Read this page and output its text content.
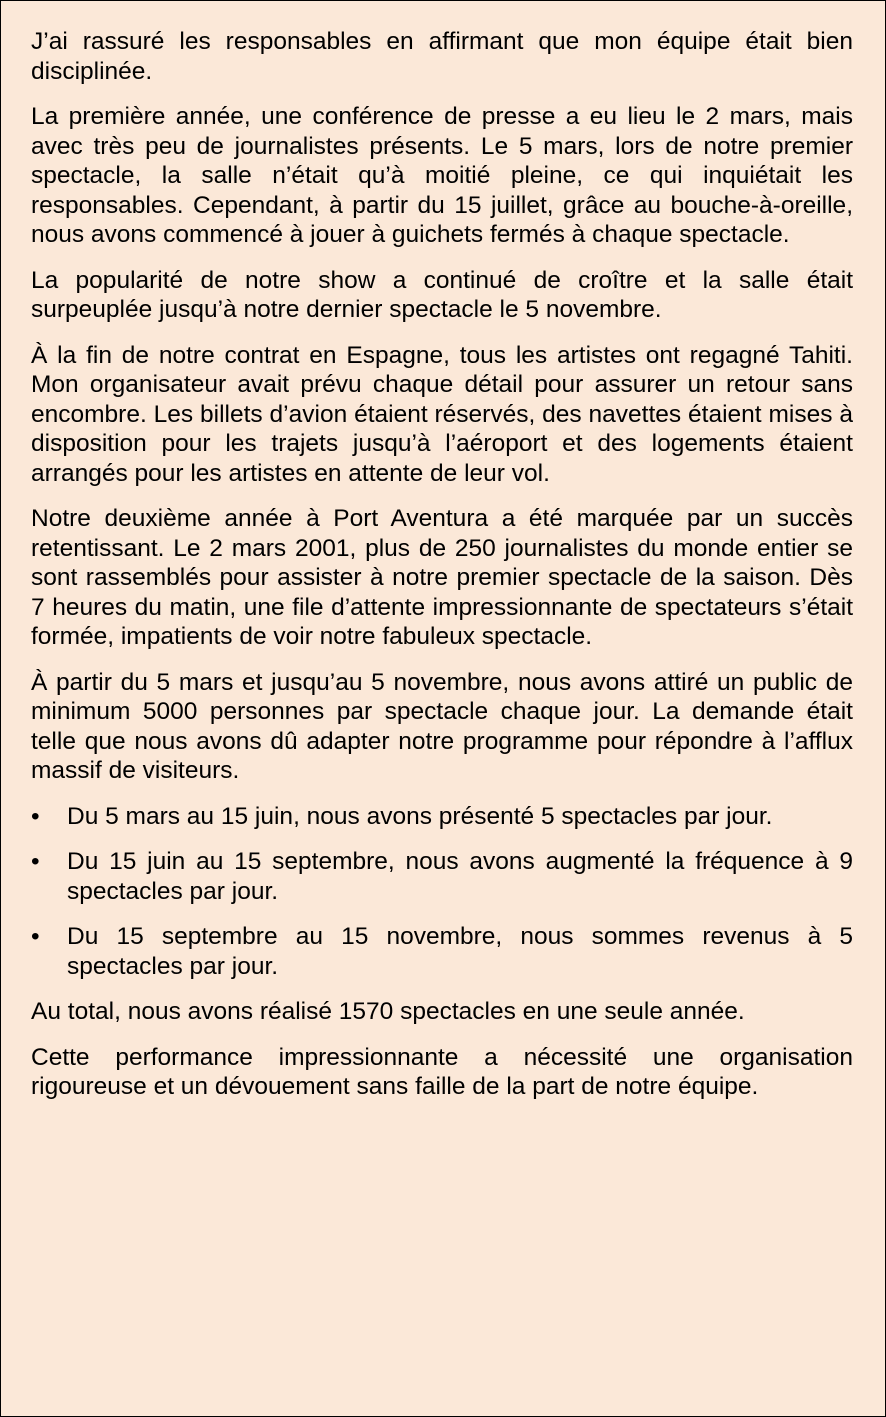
J’ai rassuré les responsables en affirmant que mon équipe était bien disciplinée.

La première année, une conférence de presse a eu lieu le 2 mars, mais avec très peu de journalistes présents. Le 5 mars, lors de notre premier spectacle, la salle n’était qu’à moitié pleine, ce qui inquiétait les responsables. Cependant, à partir du 15 juillet, grâce au bouche-à-oreille, nous avons commencé à jouer à guichets fermés à chaque spectacle.

La popularité de notre show a continué de croître et la salle était surpeuplée jusqu’à notre dernier spectacle le 5 novembre.

À la fin de notre contrat en Espagne, tous les artistes ont regagné Tahiti. Mon organisateur avait prévu chaque détail pour assurer un retour sans encombre. Les billets d’avion étaient réservés, des navettes étaient mises à disposition pour les trajets jusqu’à l’aéroport et des logements étaient arrangés pour les artistes en attente de leur vol.

Notre deuxième année à Port Aventura a été marquée par un succès retentissant. Le 2 mars 2001, plus de 250 journalistes du monde entier se sont rassemblés pour assister à notre premier spectacle de la saison. Dès 7 heures du matin, une file d’attente impressionnante de spectateurs s’était formée, impatients de voir notre fabuleux spectacle.

À partir du 5 mars et jusqu’au 5 novembre, nous avons attiré un public de minimum 5000 personnes par spectacle chaque jour. La demande était telle que nous avons dû adapter notre programme pour répondre à l’afflux massif de visiteurs.

•	Du 5 mars au 15 juin, nous avons présenté 5 spectacles par jour.
•	Du 15 juin au 15 septembre, nous avons augmenté la fréquence à 9 spectacles par jour.
•	Du 15 septembre au 15 novembre, nous sommes revenus à 5 spectacles par jour.

Au total, nous avons réalisé 1570 spectacles en une seule année.

Cette performance impressionnante a nécessité une organisation rigoureuse et un dévouement sans faille de la part de notre équipe.
